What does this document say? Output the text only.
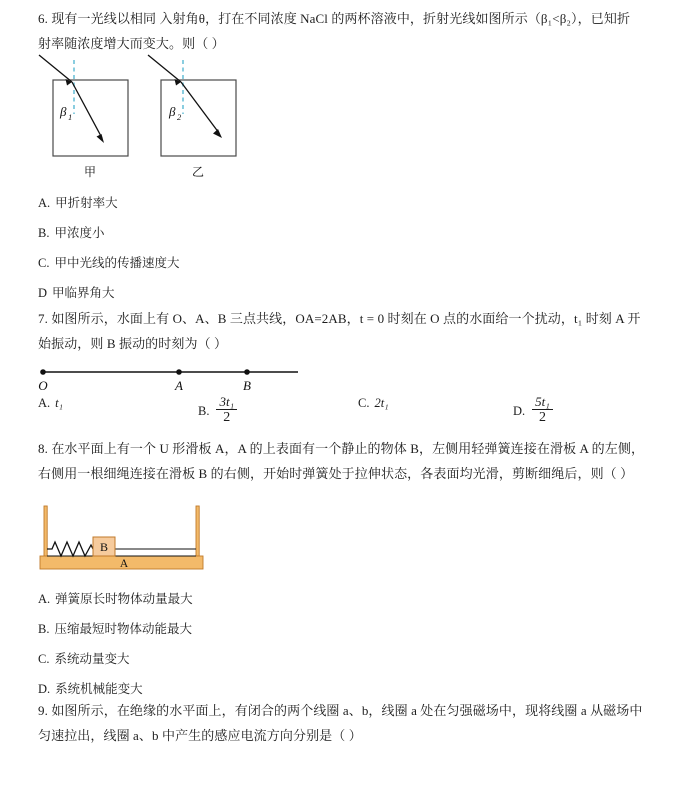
6. 现有一光线以相同 入射角θ，打在不同浓度 NaCl 的两杯溶液中，折射光线如图所示（β₁<β₂），已知折
射率随浓度增大而变大。则（ ）
β 1
甲
β 2
乙
A. 甲折射率大
B. 甲浓度小
C. 甲中光线的传播速度大
D 甲临界角大
7. 如图所示，水面上有 O、A、B 三点共线，OA=2AB，t = 0 时刻在 O 点的水面给一个扰动，t₁ 时刻 A 开
始振动，则 B 振动的时刻为（ ）
O	A	B
A. t₁
B. $\frac{\text{3t₁}}{2}$	C. 2t₁
D. $\frac{\text{5t₁}}{2}$
8. 在水平面上有一个 U 形滑板 A，A 的上表面有一个静止的物体 B，左侧用轻弹簧连接在滑板 A 的左侧，
右侧用一根细绳连接在滑板 B 的右侧，开始时弹簧处于拉伸状态，各表面均光滑，剪断细绳后，则（ ）
B
A
A. 弹簧原长时物体动量最大
B. 压缩最短时物体动能最大
C. 系统动量变大
D. 系统机械能变大
9. 如图所示，在绝缘的水平面上，有闭合的两个线圈 a、b，线圈 a 处在匀强磁场中，现将线圈 a 从磁场中
匀速拉出，线圈 a、b 中产生的感应电流方向分别是（ ）
